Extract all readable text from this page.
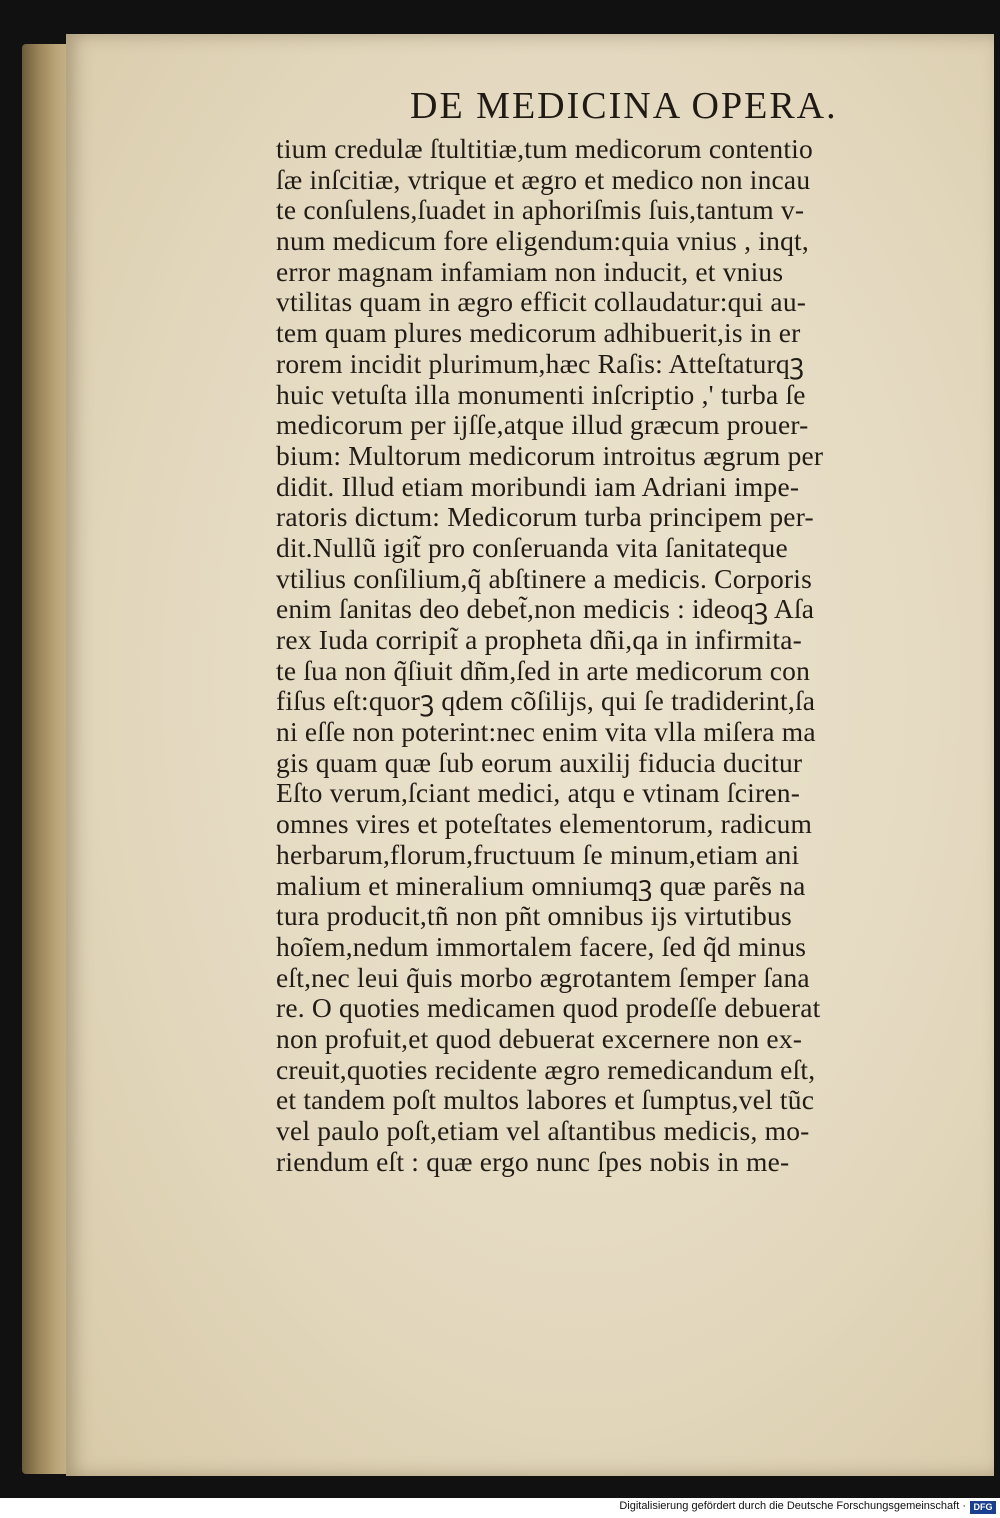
DE MEDICINA OPERA.
tium credulæ ſtultitiæ,tum medicorum contentio
ſæ inſcitiæ, vtrique et ægro et medico non incau
te conſulens,ſuadet in aphoriſmis ſuis,tantum v-
num medicum fore eligendum:quia vnius , inqt,
error magnam infamiam non inducit, et vnius
vtilitas quam in ægro efficit collaudatur:qui au-
tem quam plures medicorum adhibuerit,is in er
rorem incidit plurimum,hæc Raſis: Atteſtaturqꝫ
huic vetuſta illa monumenti inſcriptio ,' turba ſe
medicorum per ijſſe,atque illud græcum prouer-
bium: Multorum medicorum introitus ægrum per
didit. Illud etiam moribundi iam Adriani impe-
ratoris dictum: Medicorum turba principem per-
dit.Nullũ igit̃ pro conſeruanda vita ſanitateque
vtilius conſilium,q̃ abſtinere a medicis. Corporis
enim ſanitas deo debet̃,non medicis : ideoqꝫ Aſa
rex Iuda corripit̃ a propheta dñi,qa in infirmita-
te ſua non q̃ſiuit dñm,ſed in arte medicorum con
fiſus eſt:quorꝫ qdem cõſilijs, qui ſe tradiderint,ſa
ni eſſe non poterint:nec enim vita vlla miſera ma
gis quam quæ ſub eorum auxilij fiducia ducitur
Eſto verum,ſciant medici, atqu e vtinam ſciren-
omnes vires et poteſtates elementorum, radicum
herbarum,florum,fructuum ſe minum,etiam ani
malium et mineralium omniumqꝫ quæ parẽs na
tura producit,tñ non pñt omnibus ijs virtutibus
hoĩem,nedum immortalem facere, ſed q̃d minus
eſt,nec leui q̃uis morbo ægrotantem ſemper ſana
re. O quoties medicamen quod prodeſſe debuerat
non profuit,et quod debuerat excernere non ex-
creuit,quoties recidente ægro remedicandum eſt,
et tandem poſt multos labores et ſumptus,vel tũc
vel paulo poſt,etiam vel aſtantibus medicis, mo-
riendum eſt : quæ ergo nunc ſpes nobis in me-
Digitalisierung gefördert durch die Deutsche Forschungsgemeinschaft · DFG
